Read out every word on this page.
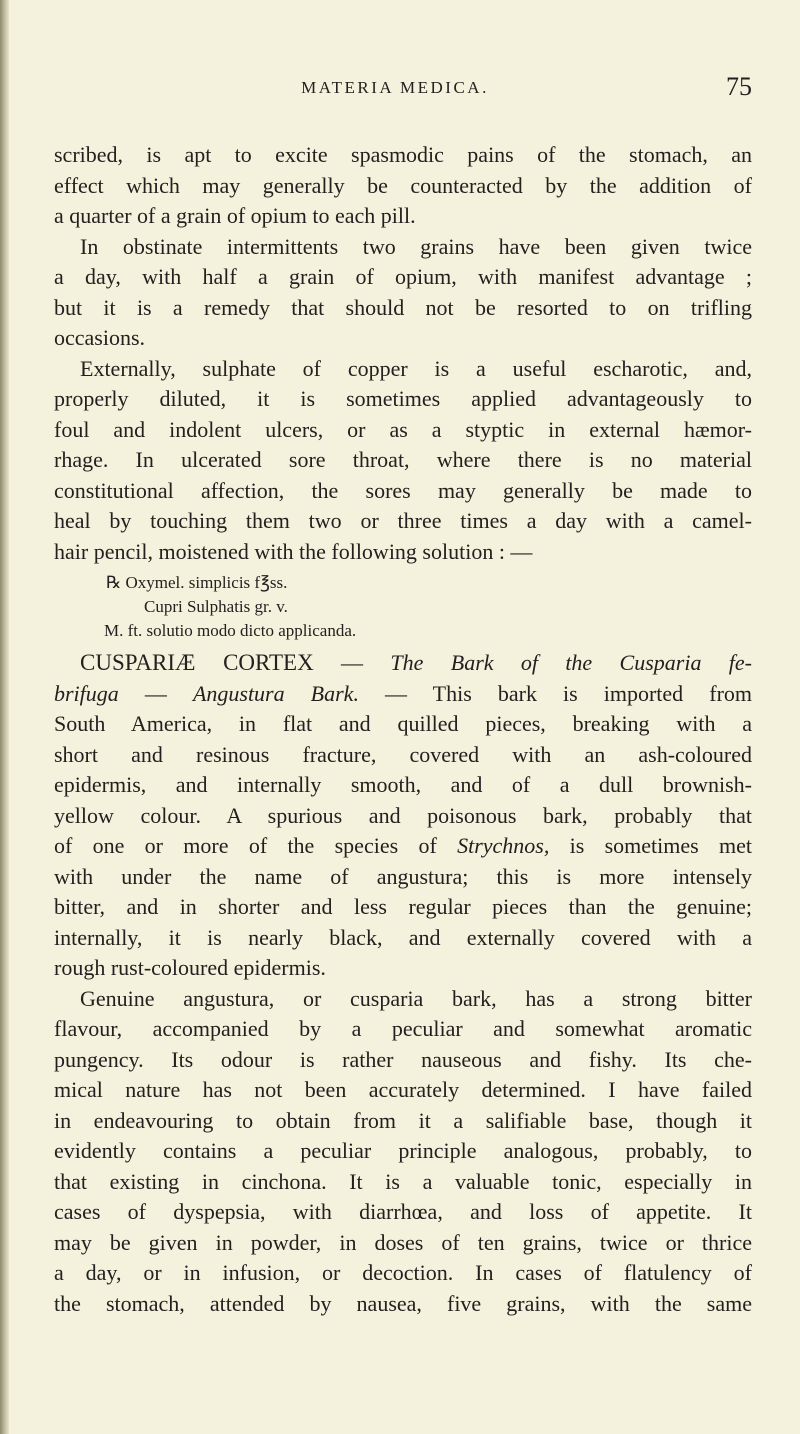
MATERIA MEDICA.	75
scribed, is apt to excite spasmodic pains of the stomach, an
effect which may generally be counteracted by the addition of
a quarter of a grain of opium to each pill.
In obstinate intermittents two grains have been given twice
a day, with half a grain of opium, with manifest advantage ;
but it is a remedy that should not be resorted to on trifling
occasions.
Externally, sulphate of copper is a useful escharotic, and,
properly diluted, it is sometimes applied advantageously to
foul and indolent ulcers, or as a styptic in external hæmor-
rhage. In ulcerated sore throat, where there is no material
constitutional affection, the sores may generally be made to
heal by touching them two or three times a day with a camel-
hair pencil, moistened with the following solution : —
℞ Oxymel. simplicis f℥ss.
Cupri Sulphatis gr. v.
M. ft. solutio modo dicto applicanda.
CUSPARIÆ CORTEX — The Bark of the Cusparia fe-
brifuga — Angustura Bark. — This bark is imported from
South America, in flat and quilled pieces, breaking with a
short and resinous fracture, covered with an ash-coloured
epidermis, and internally smooth, and of a dull brownish-
yellow colour. A spurious and poisonous bark, probably that
of one or more of the species of Strychnos, is sometimes met
with under the name of angustura; this is more intensely
bitter, and in shorter and less regular pieces than the genuine;
internally, it is nearly black, and externally covered with a
rough rust-coloured epidermis.
Genuine angustura, or cusparia bark, has a strong bitter
flavour, accompanied by a peculiar and somewhat aromatic
pungency. Its odour is rather nauseous and fishy. Its che-
mical nature has not been accurately determined. I have failed
in endeavouring to obtain from it a salifiable base, though it
evidently contains a peculiar principle analogous, probably, to
that existing in cinchona. It is a valuable tonic, especially in
cases of dyspepsia, with diarrhœa, and loss of appetite. It
may be given in powder, in doses of ten grains, twice or thrice
a day, or in infusion, or decoction. In cases of flatulency of
the stomach, attended by nausea, five grains, with the same
